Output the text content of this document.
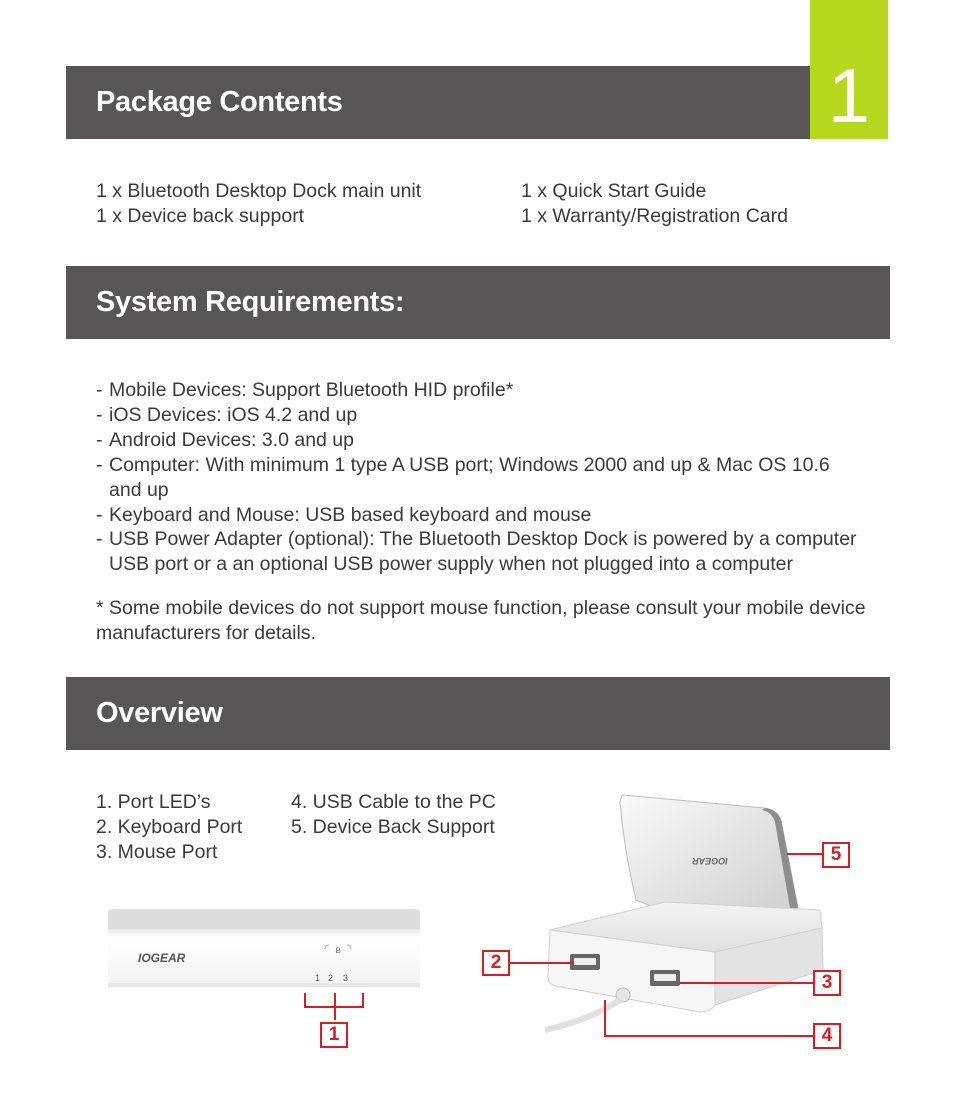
1
Package Contents
1 x Bluetooth Desktop Dock main unit
1 x Device back support
1 x Quick Start Guide
1 x Warranty/Registration Card
System Requirements:
- Mobile Devices: Support Bluetooth HID profile*
- iOS Devices: iOS 4.2 and up
- Android Devices: 3.0 and up
- Computer: With minimum 1 type A USB port; Windows 2000 and up & Mac OS 10.6 and up
- Keyboard and Mouse: USB based keyboard and mouse
- USB Power Adapter (optional): The Bluetooth Desktop Dock is powered by a computer USB port or a an optional USB power supply when not plugged into a computer
* Some mobile devices do not support mouse function, please consult your mobile device manufacturers for details.
Overview
1. Port LED’s
2. Keyboard Port
3. Mouse Port
4. USB Cable to the PC
5. Device Back Support
IOGEAR
ʙ
1 2 3
1
IOGEAR
2
3
4
5
